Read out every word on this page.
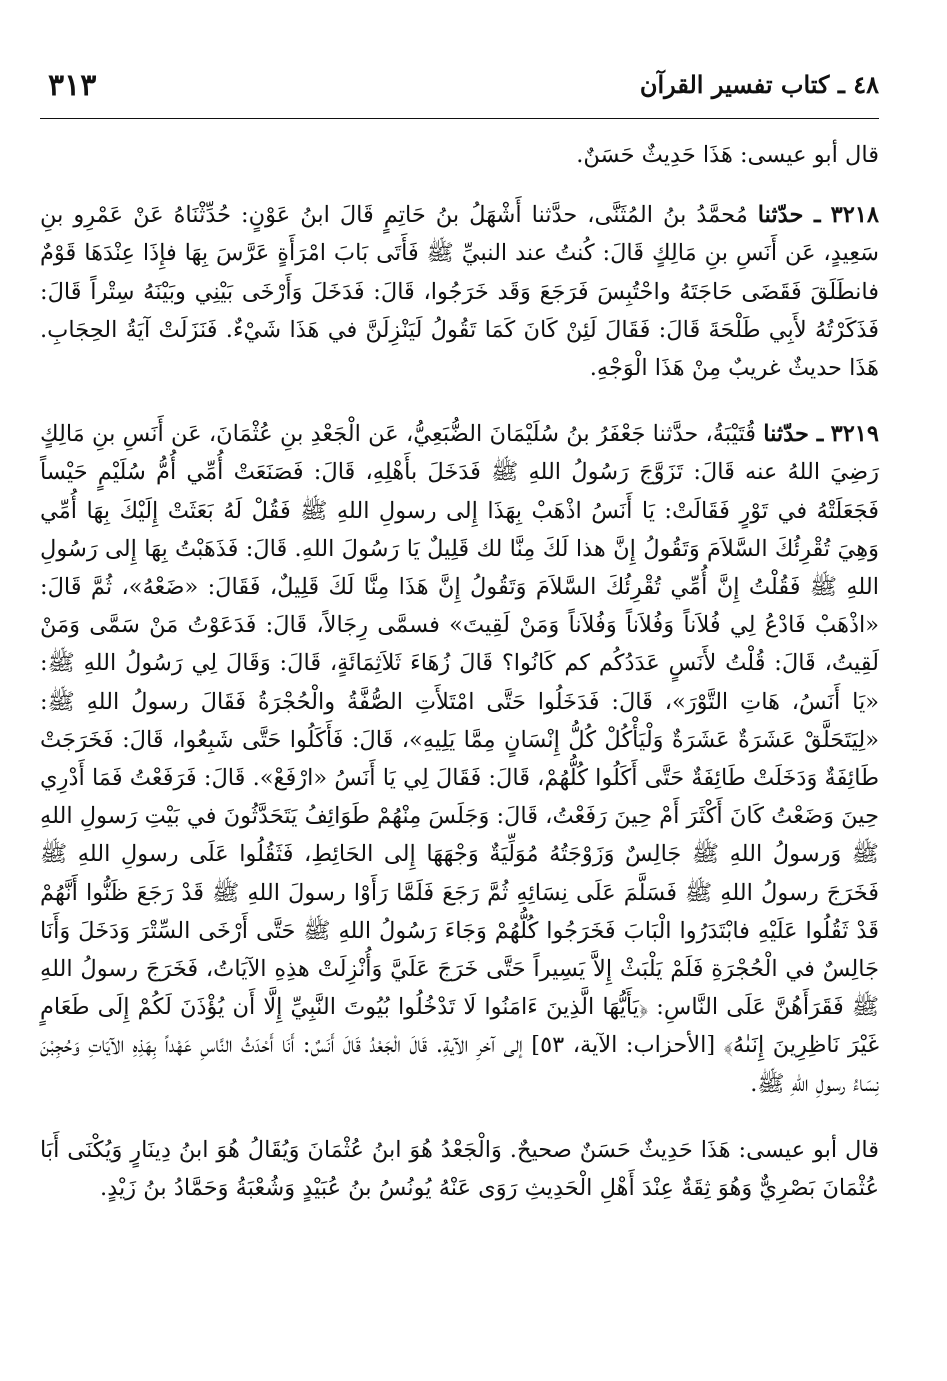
٣١٣	٤٨ ـ كتاب تفسير القرآن

قال أبو عيسى: هَذَا حَدِيثٌ حَسَنٌ.

٣٢١٨ ـ حدّثنا مُحمَّدُ بنُ المُثَنَّى، حدَّثنا أَشْهَلُ بنُ حَاتِمٍ قَالَ ابنُ عَوْنٍ: حُدِّثْنَاهُ عَنْ عَمْرِو بنِ سَعِيدٍ، عَن أَنَسِ بنِ مَالِكٍ قَالَ: كُنتُ عند النبيِّ ﷺ فَأَتَى بَابَ امْرَأَةٍ عَرَّسَ بِهَا فإِذَا عِنْدَهَا قَوْمٌ فانطَلَقَ فَقَضَى حَاجَتَهُ واحْتُبِسَ فَرَجَعَ وَقَد خَرَجُوا، قَالَ: فَدَخَلَ وَأَرْخَى بَيْنِي وبَيْنَهُ سِتْراً قَالَ: فَذَكَرْتُهُ لأَبِي طَلْحَةَ قَالَ: فَقَالَ لَئِنْ كَانَ كَمَا تَقُولُ لَيَنْزِلَنَّ في هَذَا شَيْءٌ. فَنَزَلَتْ آيَةُ الحِجَابِ. هَذَا حديثٌ غريبٌ مِنْ هَذَا الْوَجْهِ.

٣٢١٩ ـ حدّثنا قُتَيْبَةُ، حدَّثنا جَعْفَرُ بنُ سُلَيْمَانَ الضُّبَعِيُّ، عَن الْجَعْدِ بنِ عُثْمَانَ، عَن أَنَسِ بنِ مَالِكٍ رَضِيَ اللهُ عنه قَالَ: تَزَوَّجَ رَسُولُ اللهِ ﷺ فَدَخَلَ بأَهْلِهِ، قَالَ: فَصَنَعَتْ أُمِّي أُمُّ سُلَيْمٍ حَيْساً فَجَعَلَتْهُ في تَوْرٍ فَقَالَتْ: يَا أَنَسُ اذْهَبْ بِهَذَا إِلى رسولِ اللهِ ﷺ فَقُلْ لَهُ بَعَثَتْ إِلَيْكَ بِهَا أُمِّي وَهِيَ تُقْرِئُكَ السَّلاَمَ وَتَقُولُ إِنَّ هذا لَكَ مِنَّا لك قَلِيلٌ يَا رَسُولَ اللهِ. قَالَ: فَذَهَبْتُ بِهَا إِلى رَسُولِ اللهِ ﷺ فَقُلْتُ إِنَّ أُمِّي تُقْرِئُكَ السَّلاَمَ وَتَقُولُ إِنَّ هَذَا مِنَّا لَكَ قَلِيلٌ، فَقَالَ: «ضَعْهُ»، ثُمَّ قَالَ: «اذْهَبْ فَادْعُ لِي فُلاَناً وَفُلاَناً وَفُلاَناً وَمَنْ لَقِيتَ» فسمَّى رِجَالاً، قَالَ: فَدَعَوْتُ مَنْ سَمَّى وَمَنْ لَقِيتُ، قَالَ: قُلْتُ لأَنَسٍ عَدَدُكُم كم كَانُوا؟ قَالَ زُهَاءَ ثَلاَثِمَائَةٍ، قَالَ: وَقَالَ لِي رَسُولُ اللهِ ﷺ: «يَا أَنَسُ، هَاتِ التَّوْرَ»، قَالَ: فَدَخَلُوا حَتَّى امْتَلأَتِ الصُّفَّةُ والْحُجْرَةُ فَقَالَ رسولُ اللهِ ﷺ: «لِيَتَحَلَّقْ عَشَرَةٌ عَشَرَةٌ وَلْيَأْكُلْ كُلُّ إِنْسَانٍ مِمَّا يَلِيهِ»، قَالَ: فَأَكَلُوا حَتَّى شَبِعُوا، قَالَ: فَخَرَجَتْ طَائِفَةٌ وَدَخَلَتْ طَائِفَةٌ حَتَّى أَكَلُوا كُلُّهُمْ، قَالَ: فَقَالَ لِي يَا أَنَسُ «ارْفَعْ». قَالَ: فَرَفَعْتُ فَمَا أَدْرِي حِينَ وَضَعْتُ كَانَ أَكْثَرَ أَمْ حِينَ رَفَعْتُ، قَالَ: وَجَلَسَ مِنْهُمْ طَوَائِفُ يَتَحَدَّثُونَ في بَيْتِ رَسولِ اللهِ ﷺ وَرسولُ اللهِ ﷺ جَالِسٌ وَزَوْجَتُهُ مُوَلِّيَةٌ وَجْهَهَا إِلى الحَائِطِ، فَثَقُلُوا عَلَى رسولِ اللهِ ﷺ فَخَرَجَ رسولُ اللهِ ﷺ فَسَلَّمَ عَلَى نِسَائِهِ ثُمَّ رَجَعَ فَلَمَّا رَأَوْا رسولَ اللهِ ﷺ قَدْ رَجَعَ ظَنُّوا أَنَّهُمْ قَدْ ثَقُلُوا عَلَيْهِ فابْتَدَرُوا الْبَابَ فَخَرَجُوا كُلُّهُمْ وَجَاءَ رَسُولُ اللهِ ﷺ حَتَّى أَرْخَى السِّتْرَ وَدَخَلَ وَأَنَا جَالِسٌ في الْحُجْرَةِ فَلَمْ يَلْبَثْ إِلاَّ يَسِيراً حَتَّى خَرَجَ عَلَيَّ وَأُنْزِلَتْ هذِهِ الآيَاتُ، فَخَرَجَ رسولُ اللهِ ﷺ فَقَرَأَهُنَّ عَلَى النَّاسِ: ﴿يَأَيُّهَا الَّذِينَ ءَامَنُوا لَا تَدْخُلُوا بُيُوتَ النَّبِيِّ إِلَّا أَن يُؤْذَنَ لَكُمْ إِلَى طَعَامٍ غَيْرَ نَاظِرِينَ إِنَىٰهُ﴾ [الأحزاب: الآية، ٥٣] إلى آخرِ الآيةِ. قَالَ الْجَعْدُ قَالَ أَنَسٌ: أَنَا أَحْدَثُ النَّاسِ عَهْداً بِهَذِهِ الآيَاتِ وَحُجِبْنَ نِسَاءُ رسولِ اللهِ ﷺ.

قال أبو عيسى: هَذَا حَدِيثٌ حَسَنٌ صحيحٌ. وَالْجَعْدُ هُوَ ابنُ عُثْمَانَ وَيُقَالُ هُوَ ابنُ دِينَارٍ وَيُكْنَى أَبَا عُثْمَانَ بَصْرِيٌّ وَهُوَ ثِقَةٌ عِنْدَ أَهْلِ الْحَدِيثِ رَوَى عَنْهُ يُونُسُ بنُ عُبَيْدٍ وَشُعْبَةُ وَحَمَّادُ بنُ زَيْدٍ.
